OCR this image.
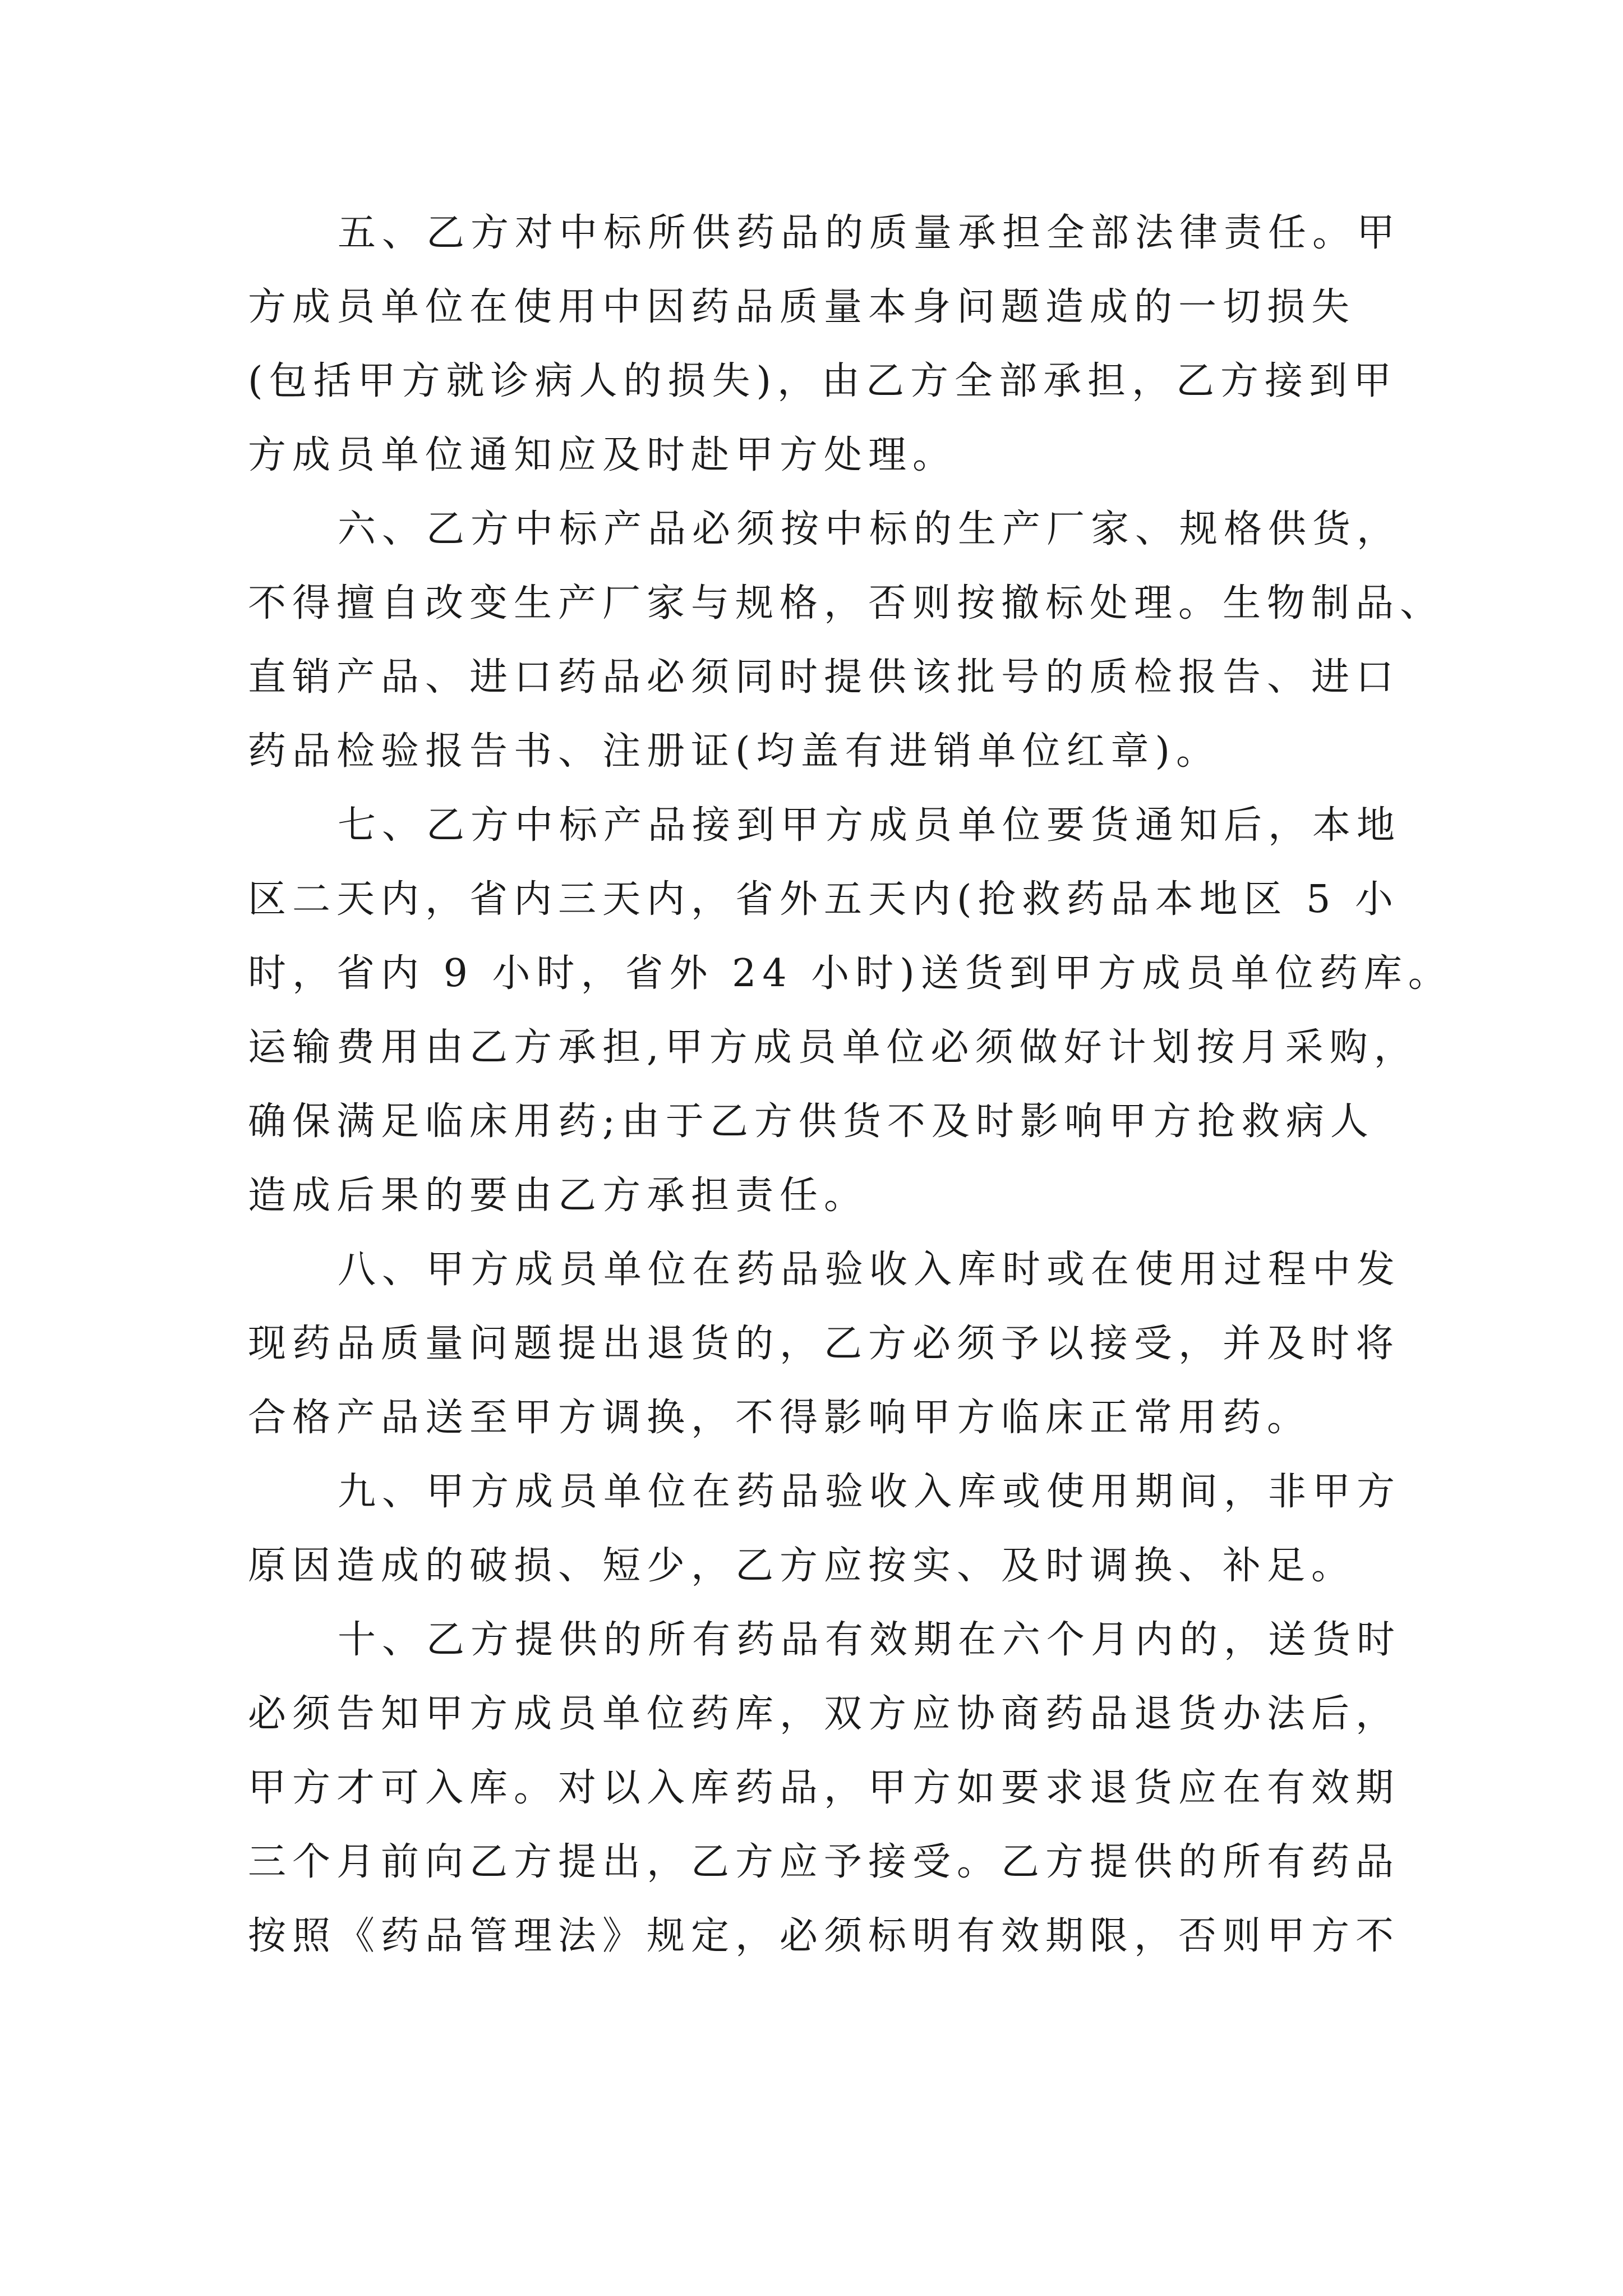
五、乙方对中标所供药品的质量承担全部法律责任。甲
方成员单位在使用中因药品质量本身问题造成的一切损失
(包括甲方就诊病人的损失)，由乙方全部承担，乙方接到甲
方成员单位通知应及时赴甲方处理。
六、乙方中标产品必须按中标的生产厂家、规格供货，
不得擅自改变生产厂家与规格，否则按撤标处理。生物制品、
直销产品、进口药品必须同时提供该批号的质检报告、进口
药品检验报告书、注册证(均盖有进销单位红章)。
七、乙方中标产品接到甲方成员单位要货通知后，本地
区二天内，省内三天内，省外五天内(抢救药品本地区 5 小
时，省内 9 小时，省外 24 小时)送货到甲方成员单位药库。
运输费用由乙方承担,甲方成员单位必须做好计划按月采购，
确保满足临床用药;由于乙方供货不及时影响甲方抢救病人
造成后果的要由乙方承担责任。
八、甲方成员单位在药品验收入库时或在使用过程中发
现药品质量问题提出退货的，乙方必须予以接受，并及时将
合格产品送至甲方调换，不得影响甲方临床正常用药。
九、甲方成员单位在药品验收入库或使用期间，非甲方
原因造成的破损、短少，乙方应按实、及时调换、补足。
十、乙方提供的所有药品有效期在六个月内的，送货时
必须告知甲方成员单位药库，双方应协商药品退货办法后，
甲方才可入库。对以入库药品，甲方如要求退货应在有效期
三个月前向乙方提出，乙方应予接受。乙方提供的所有药品
按照《药品管理法》规定，必须标明有效期限，否则甲方不
